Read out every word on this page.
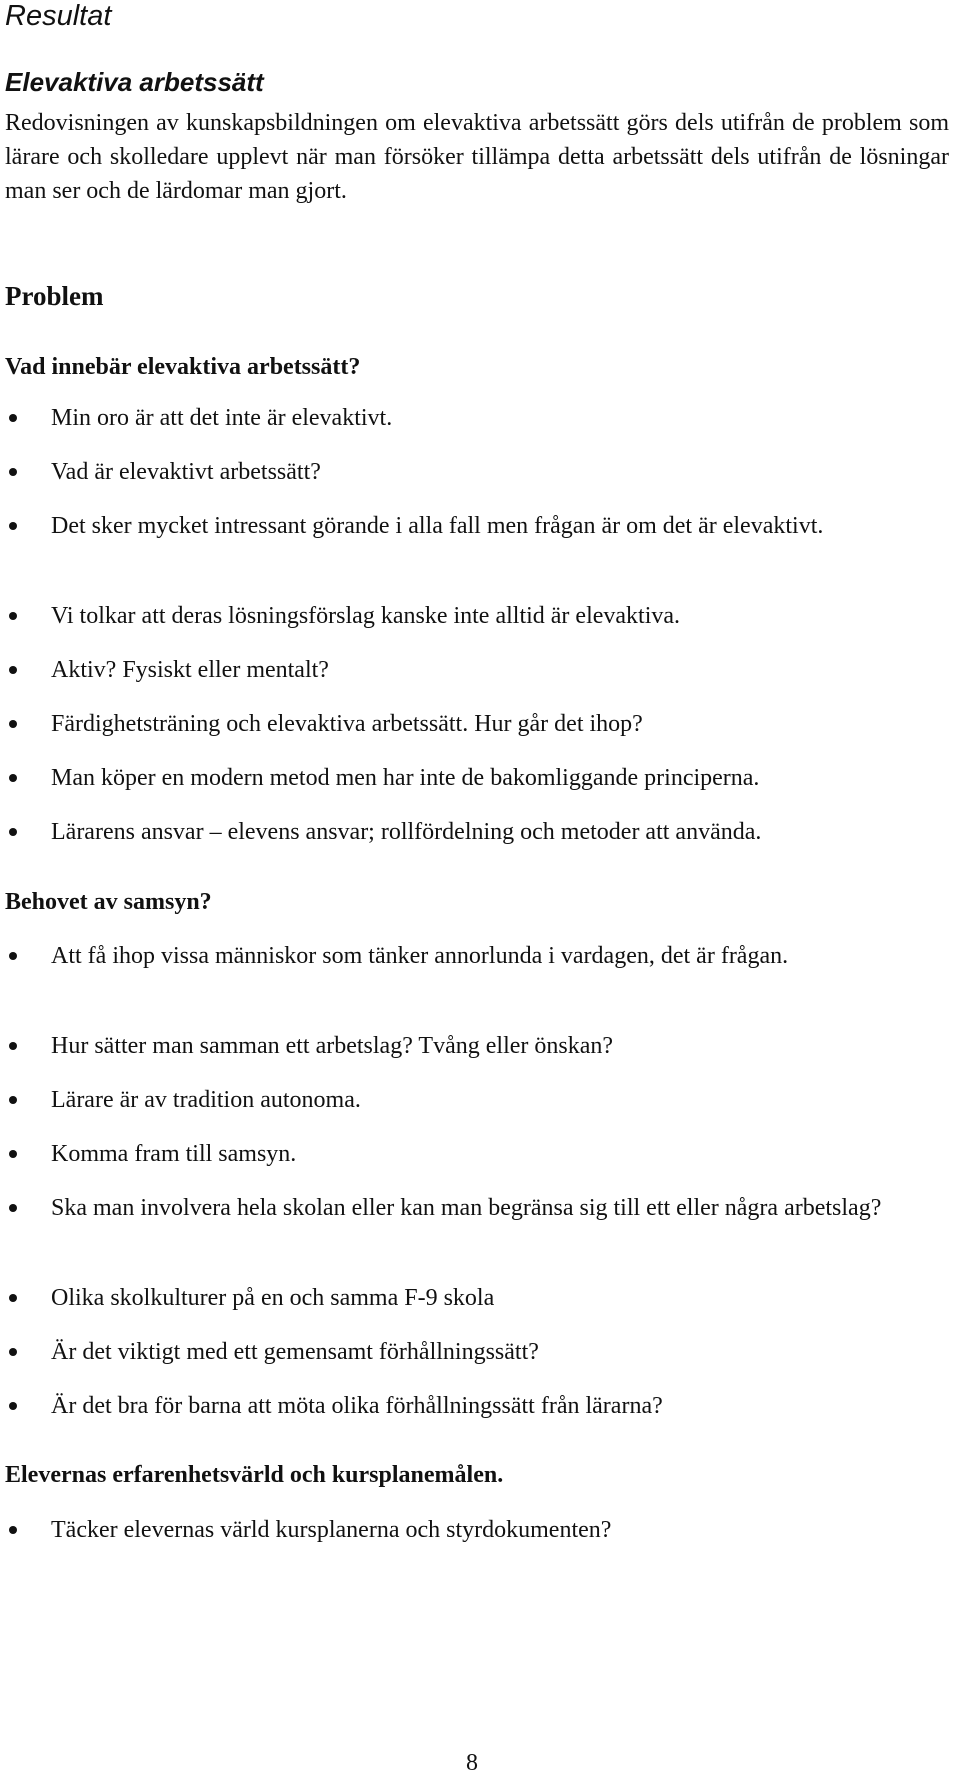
Resultat
Elevaktiva arbetssätt

Redovisningen av kunskapsbildningen om elevaktiva arbetssätt görs dels utifrån de problem som lärare och skolledare upplevt när man försöker tillämpa detta arbetssätt dels utifrån de lösningar man ser och de lärdomar man gjort.

Problem
Vad innebär elevaktiva arbetssätt?
Min oro är att det inte är elevaktivt.
Vad är elevaktivt arbetssätt?
Det sker mycket intressant görande i alla fall men frågan är om det är elevaktivt.
Vi tolkar att deras lösningsförslag kanske inte alltid är elevaktiva.
Aktiv? Fysiskt eller mentalt?
Färdighetsträning och elevaktiva arbetssätt. Hur går det ihop?
Man köper en modern metod men har inte de bakomliggande principerna.
Lärarens ansvar – elevens ansvar; rollfördelning och metoder att använda.
Behovet av samsyn?
Att få ihop vissa människor som tänker annorlunda i vardagen, det är frågan.
Hur sätter man samman ett arbetslag? Tvång eller önskan?
Lärare är av tradition autonoma.
Komma fram till samsyn.
Ska man involvera hela skolan eller kan man begränsa sig till ett eller några arbetslag?
Olika skolkulturer på en och samma F-9 skola
Är det viktigt med ett gemensamt förhållningssätt?
Är det bra för barna att möta olika förhållningssätt från lärarna?
Elevernas erfarenhetsvärld och kursplanemålen.
Täcker elevernas värld kursplanerna och styrdokumenten?
8
